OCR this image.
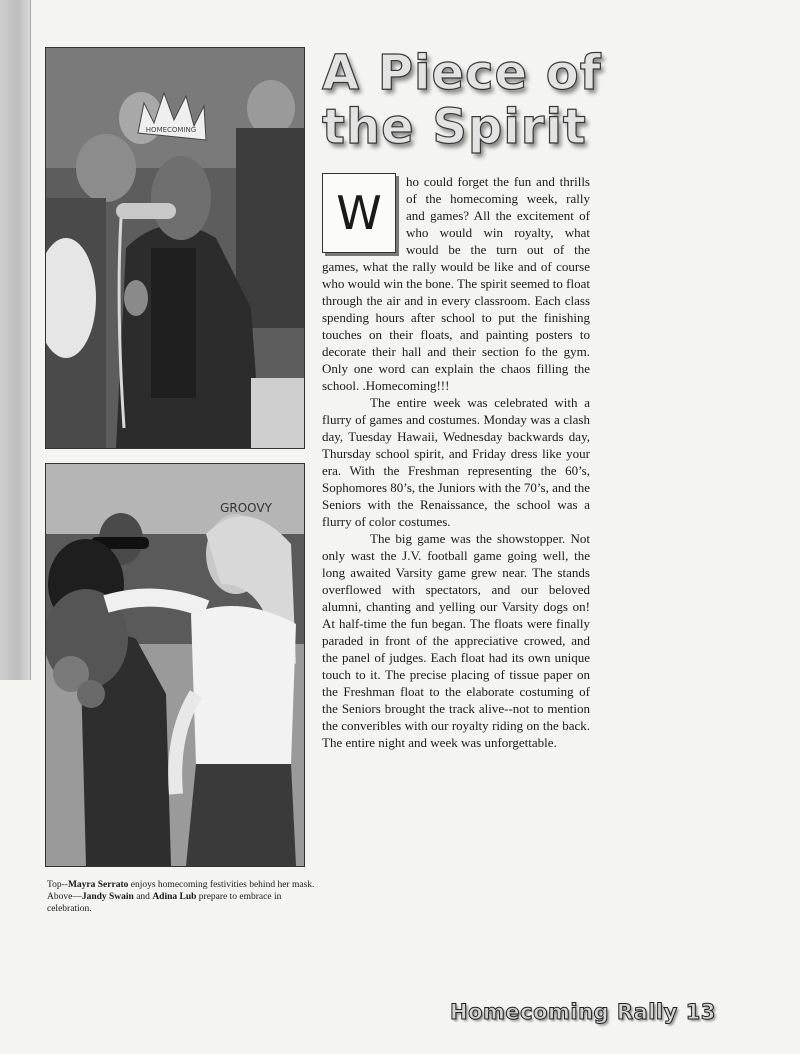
HOMECOMING
GROOVY
Top--Mayra Serrato enjoys homecoming festivities behind her mask. Above—Jandy Swain and Adina Lub prepare to embrace in celebration.
A Piece of
the Spirit

W
ho could forget the fun and thrills of the homecoming week, rally and games? All the excitement of who would win royalty, what would be the turn out of the games, what the rally would be like and of course who would win the bone. The spirit seemed to float through the air and in every classroom. Each class spending hours after school to put the finishing touches on their floats, and painting posters to decorate their hall and their section fo the gym. Only one word can explain the chaos filling the school. .Homecoming!!!

The entire week was celebrated with a flurry of games and costumes. Monday was a clash day, Tuesday Hawaii, Wednesday backwards day, Thursday school spirit, and Friday dress like your era. With the Freshman representing the 60’s, Sophomores 80’s, the Juniors with the 70’s, and the Seniors with the Renaissance, the school was a flurry of color costumes.

The big game was the showstopper. Not only wast the J.V. football game going well, the long awaited Varsity game grew near. The stands overflowed with spectators, and our beloved alumni, chanting and yelling our Varsity dogs on! At half-time the fun began. The floats were finally paraded in front of the appreciative crowed, and the panel of judges. Each float had its own unique touch to it. The precise placing of tissue paper on the Freshman float to the elaborate costuming of the Seniors brought the track alive--not to mention the converibles with our royalty riding on the back. The entire night and week was unforgettable.

Homecoming Rally 13
